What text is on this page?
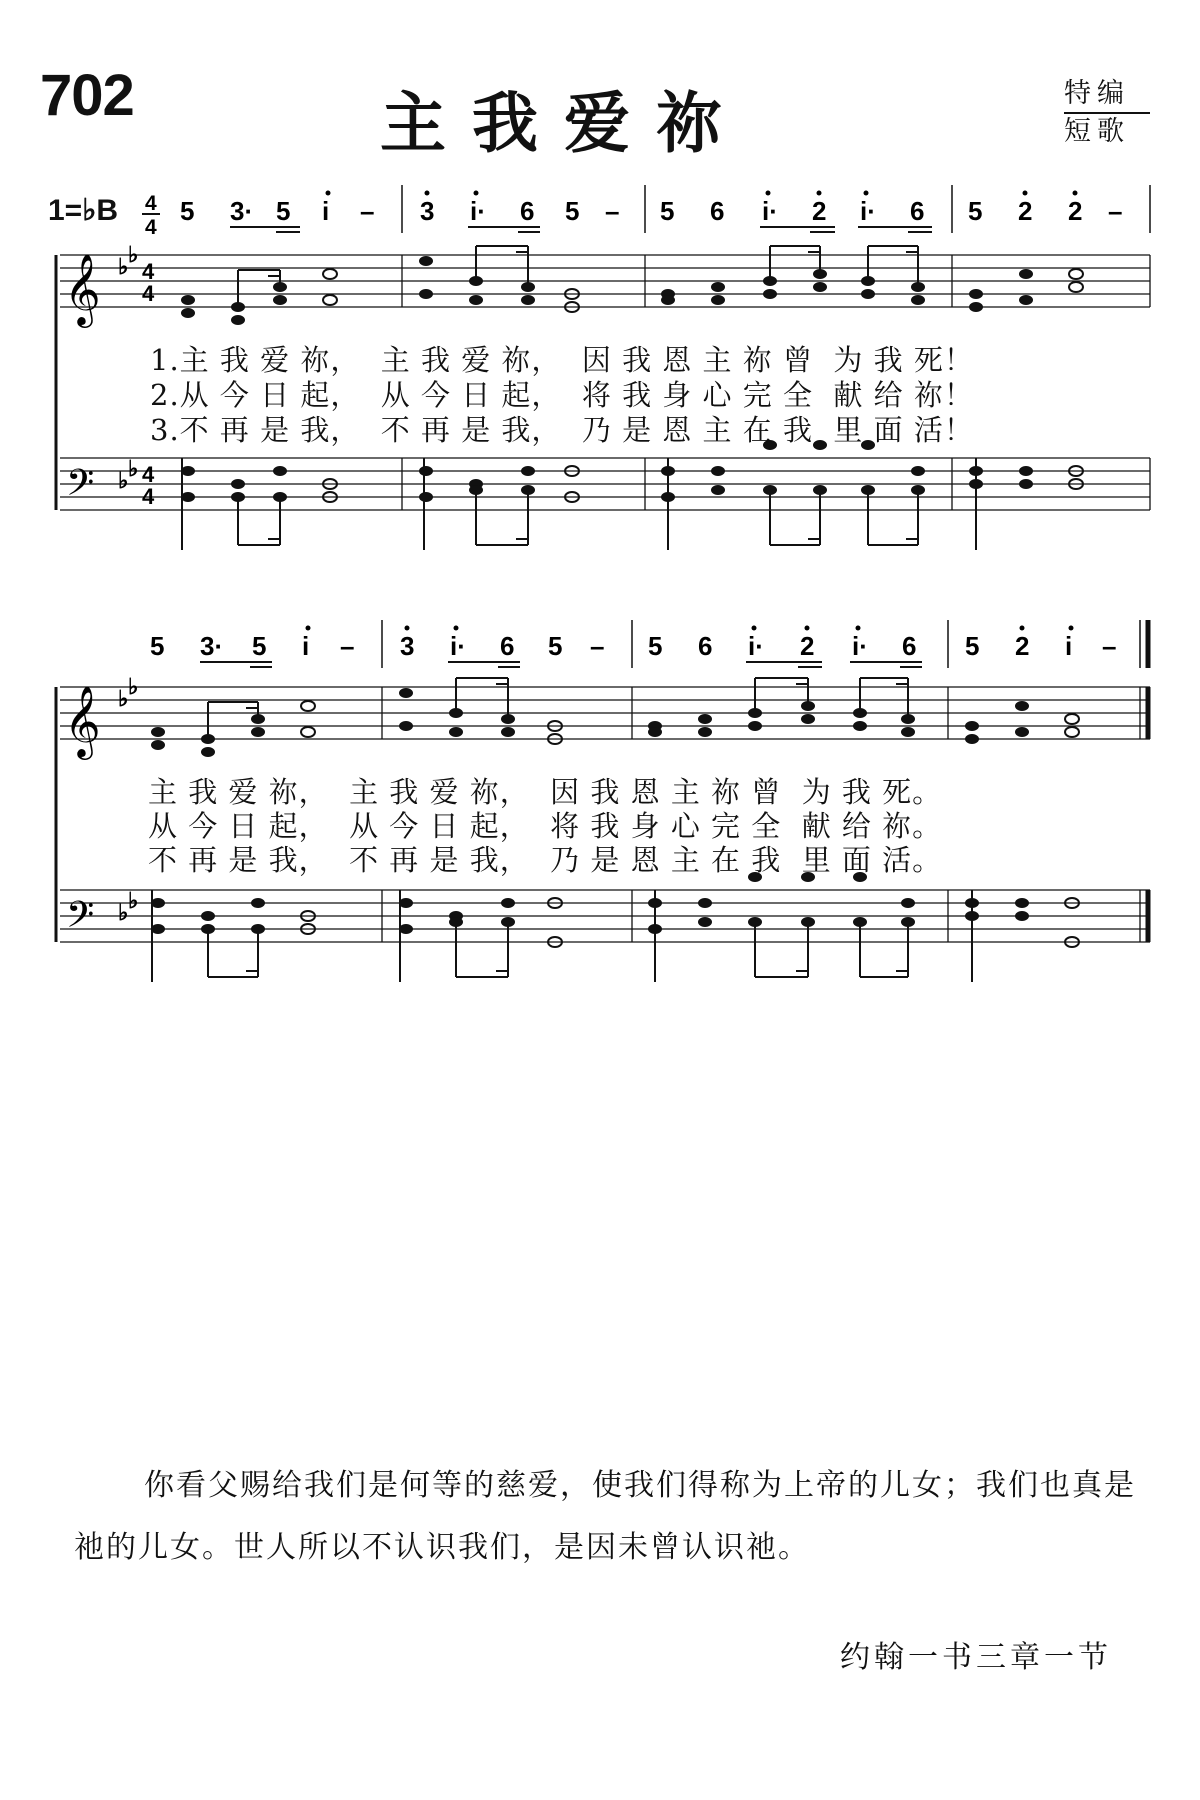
702	主我爱祢	特编
短歌
1=♭B 4
4
5 3· 5 i – 3 i· 6 5 – 5 6 i· 2 i· 6 5 2 2 –
𝄞
𝄢
♭ ♭
4
4
♭ ♭ 4
4
1.主 我 爱 祢，  主 我 爱 祢，  因 我 恩 主 祢 曾  为 我 死！
2.从 今 日 起，  从 今 日 起，  将 我 身 心 完 全  献 给 祢！
3.不 再 是 我，  不 再 是 我，  乃 是 恩 主 在 我  里 面 活！
5 3· 5 i – 3 i· 6 5 – 5 6 i· 2 i· 6 5 2 i –
𝄞
𝄢
♭ ♭
♭ ♭
主 我 爱 祢，  主 我 爱 祢，  因 我 恩 主 祢 曾  为 我 死。
从 今 日 起，  从 今 日 起，  将 我 身 心 完 全  献 给 祢。
不 再 是 我，  不 再 是 我，  乃 是 恩 主 在 我  里 面 活。
你看父赐给我们是何等的慈爱，使我们得称为上帝的儿女；我们也真是祂的儿女。世人所以不认识我们，是因未曾认识祂。
约翰一书三章一节
